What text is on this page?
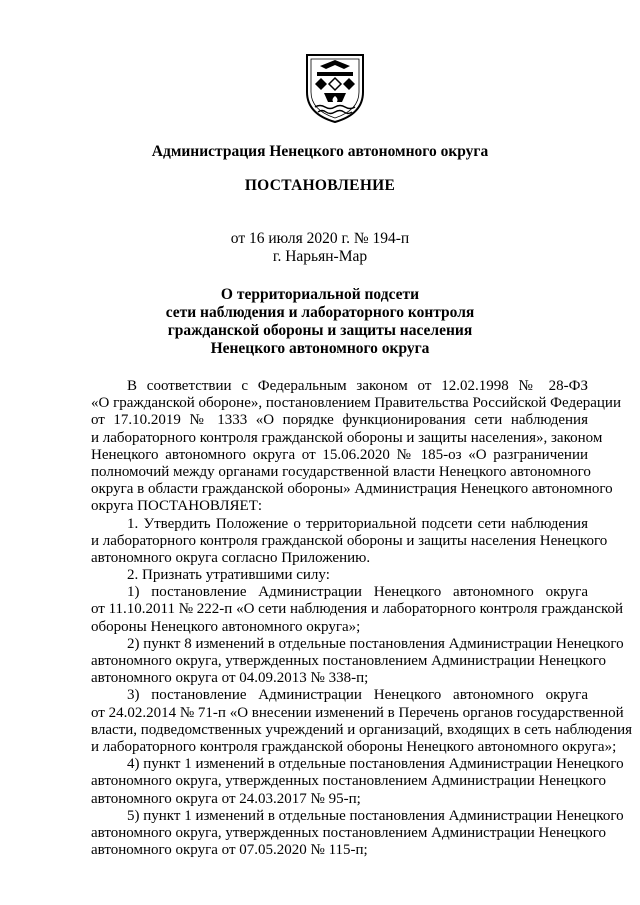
Администрация Ненецкого автономного округа
ПОСТАНОВЛЕНИЕ
от 16 июля 2020 г. № 194-п
г. Нарьян-Мар
О территориальной подсети
сети наблюдения и лабораторного контроля
гражданской обороны и защиты населения
Ненецкого автономного округа
В соответствии с Федеральным законом от 12.02.1998 № 28-ФЗ
«О гражданской обороне», постановлением Правительства Российской Федерации
от 17.10.2019 № 1333 «О порядке функционирования сети наблюдения
и лабораторного контроля гражданской обороны и защиты населения», законом
Ненецкого автономного округа от 15.06.2020 № 185-оз «О разграничении
полномочий между органами государственной власти Ненецкого автономного
округа в области гражданской обороны» Администрация Ненецкого автономного
округа ПОСТАНОВЛЯЕТ:
1. Утвердить Положение о территориальной подсети сети наблюдения
и лабораторного контроля гражданской обороны и защиты населения Ненецкого
автономного округа согласно Приложению.
2. Признать утратившими силу:
1) постановление Администрации Ненецкого автономного округа
от 11.10.2011 № 222-п «О сети наблюдения и лабораторного контроля гражданской
обороны Ненецкого автономного округа»;
2) пункт 8 изменений в отдельные постановления Администрации Ненецкого
автономного округа, утвержденных постановлением Администрации Ненецкого
автономного округа от 04.09.2013 № 338-п;
3) постановление Администрации Ненецкого автономного округа
от 24.02.2014 № 71-п «О внесении изменений в Перечень органов государственной
власти, подведомственных учреждений и организаций, входящих в сеть наблюдения
и лабораторного контроля гражданской обороны Ненецкого автономного округа»;
4) пункт 1 изменений в отдельные постановления Администрации Ненецкого
автономного округа, утвержденных постановлением Администрации Ненецкого
автономного округа от 24.03.2017 № 95-п;
5) пункт 1 изменений в отдельные постановления Администрации Ненецкого
автономного округа, утвержденных постановлением Администрации Ненецкого
автономного округа от 07.05.2020 № 115-п;
